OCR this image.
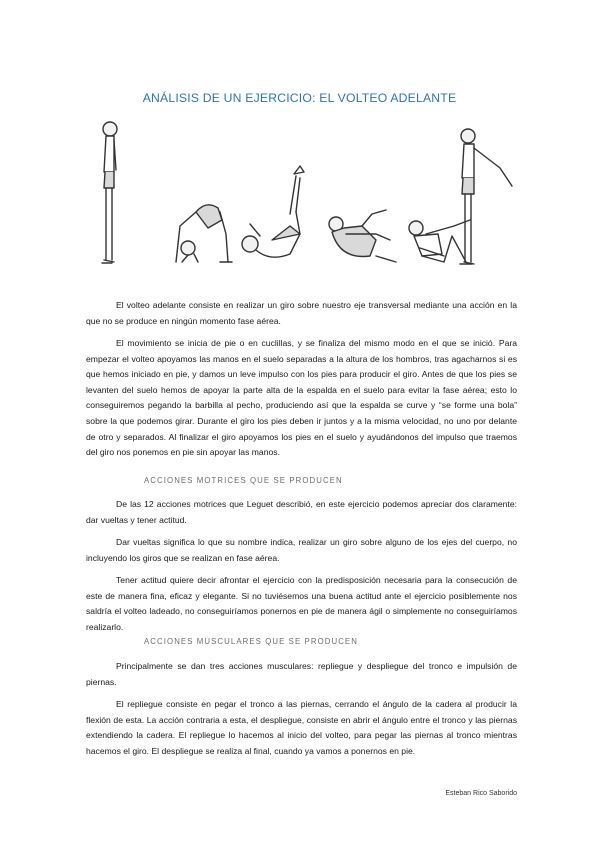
ANÁLISIS DE UN EJERCICIO: EL VOLTEO ADELANTE

El volteo adelante consiste en realizar un giro sobre nuestro eje transversal mediante una acción en la que no se produce en ningún momento fase aérea.

El movimiento se inicia de pie o en cuclillas, y se finaliza del mismo modo en el que se inició. Para empezar el volteo apoyamos las manos en el suelo separadas a la altura de los hombros, tras agacharnos si es que hemos iniciado en pie, y damos un leve impulso con los pies para producir el giro. Antes de que los pies se levanten del suelo hemos de apoyar la parte alta de la espalda en el suelo para evitar la fase aérea; esto lo conseguiremos pegando la barbilla al pecho, produciendo así que la espalda se curve y “se forme una bola” sobre la que podemos girar. Durante el giro los pies deben ir juntos y a la misma velocidad, no uno por delante de otro y separados. Al finalizar el giro apoyamos los pies en el suelo y ayudándonos del impulso que traemos del giro nos ponemos en pie sin apoyar las manos.

ACCIONES MOTRICES QUE SE PRODUCEN

De las 12 acciones motrices que Leguet describió, en este ejercicio podemos apreciar dos claramente: dar vueltas y tener actitud.

Dar vueltas significa lo que su nombre indica, realizar un giro sobre alguno de los ejes del cuerpo, no incluyendo los giros que se realizan en fase aérea.

Tener actitud quiere decir afrontar el ejercicio con la predisposición necesaria para la consecución de este de manera fina, eficaz y elegante. Si no tuviésemos una buena actitud ante el ejercicio posiblemente nos saldría el volteo ladeado, no conseguiríamos ponernos en pie de manera ágil o simplemente no conseguiríamos realizarlo.

ACCIONES MUSCULARES QUE SE PRODUCEN

Principalmente se dan tres acciones musculares: repliegue y despliegue del tronco e impulsión de piernas.

El repliegue consiste en pegar el tronco a las piernas, cerrando el ángulo de la cadera al producir la flexión de esta. La acción contraria a esta, el despliegue, consiste en abrir el ángulo entre el tronco y las piernas extendiendo la cadera. El repliegue lo hacemos al inicio del volteo, para pegar las piernas al tronco mientras hacemos el giro. El despliegue se realiza al final, cuando ya vamos a ponernos en pie.

Esteban Rico Saborido
